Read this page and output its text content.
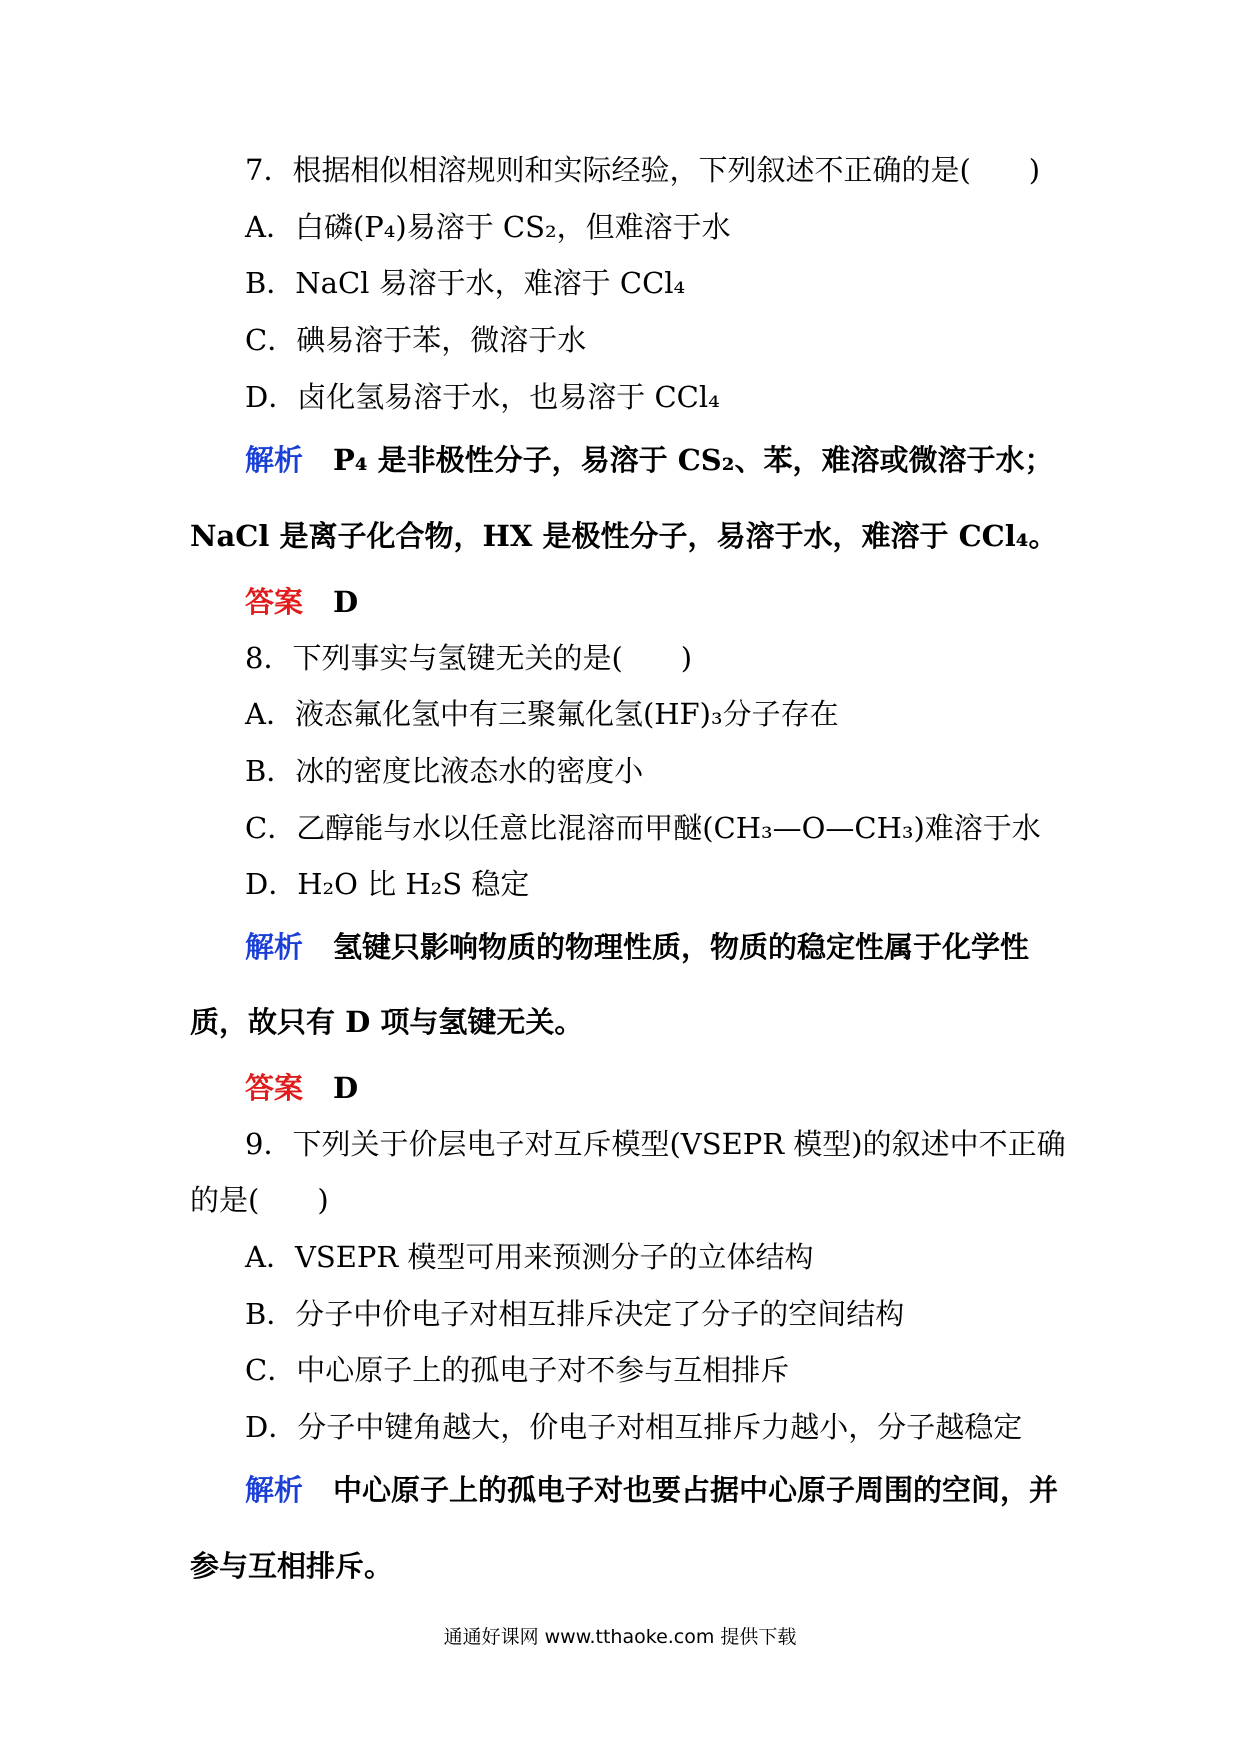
7．根据相似相溶规则和实际经验，下列叙述不正确的是(　　)
A．白磷(P₄)易溶于 CS₂，但难溶于水
B．NaCl 易溶于水，难溶于 CCl₄
C．碘易溶于苯，微溶于水
D．卤化氢易溶于水，也易溶于 CCl₄
解析 P₄ 是非极性分子，易溶于 CS₂、苯，难溶或微溶于水；
NaCl 是离子化合物，HX 是极性分子，易溶于水，难溶于 CCl₄。
答案 D
8．下列事实与氢键无关的是(　　)
A．液态氟化氢中有三聚氟化氢(HF)₃分子存在
B．冰的密度比液态水的密度小
C．乙醇能与水以任意比混溶而甲醚(CH₃—O—CH₃)难溶于水
D．H₂O 比 H₂S 稳定
解析 氢键只影响物质的物理性质，物质的稳定性属于化学性
质，故只有 D 项与氢键无关。
答案 D
9．下列关于价层电子对互斥模型(VSEPR 模型)的叙述中不正确
的是(　　)
A．VSEPR 模型可用来预测分子的立体结构
B．分子中价电子对相互排斥决定了分子的空间结构
C．中心原子上的孤电子对不参与互相排斥
D．分子中键角越大，价电子对相互排斥力越小，分子越稳定
解析 中心原子上的孤电子对也要占据中心原子周围的空间，并
参与互相排斥。
通通好课网 www.tthaoke.com 提供下载
